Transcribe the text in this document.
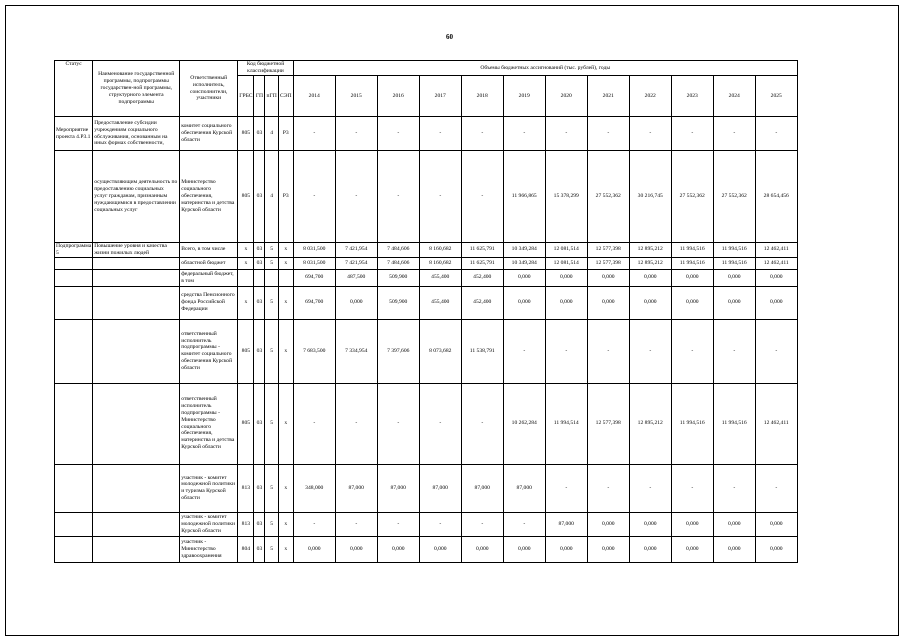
60
Статус	Наименование государственной программы, подпрограммы государствен-ной программы, структурного элемента подпрограммы	Ответственный исполнитель, соисполнители, участники	Код бюджетной классификации				Объемы бюджетных ассигнований (тыс. рублей), годы											
			ГРБС	ГП	пГП	СЭП	2014	2015	2016	2017	2018	2019	2020	2021	2022	2023	2024	2025
Мероприятие проекта 4.Р3.1	Предоставление субсидии учреждениям социального обслуживания, основанным на иных формах собственности,	комитет социального обеспечения Курской области	805	03	4	Р3	-	-	-	-	-	-	-	-	-	-	-	-
	осуществляющим деятельность по предоставлению социальных услуг гражданам, признанным нуждающимися в предоставлении социальных услуг	Министерство социального обеспечения, материнства и детства Курской области	805	03	4	Р3	-	-	-	-	-	11 966,865	15 378,299	27 552,362	30 216,745	27 552,362	27 552,362	28 654,456
Подпрограмма 5	Повышение уровня и качества жизни пожилых людей	Всего, в том числе	х	03	5	х	8 031,500	7 421,954	7 484,606	8 160,682	11 625,791	10 349,284	12 081,514	12 577,398	12 895,212	11 994,516	11 994,516	12 462,411
		областной бюджет	х	03	5	х	8 031,500	7 421,954	7 484,606	8 160,682	11 625,791	10 349,284	12 081,514	12 577,398	12 895,212	11 994,516	11 994,516	12 462,411
		федеральный бюджет, в том					694,700	487,500	509,900	455,400	452,400	0,000	0,000	0,000	0,000	0,000	0,000	0,000
		средства Пенсионного фонда Российской Федерации	х	03	5	х	694,700	0,000	509,900	455,400	452,400	0,000	0,000	0,000	0,000	0,000	0,000	0,000
		ответственный исполнитель подпрограммы - комитет социального обеспечения Курской области	805	03	5	х	7 683,500	7 334,954	7 397,606	8 073,682	11 538,791	-	-	-	-	-	-	-
		ответственный исполнитель подпрограммы - Министерство социального обеспечения, материнства и детства Курской области	805	03	5	х	-	-	-	-	-	10 262,284	11 994,514	12 577,398	12 895,212	11 994,516	11 994,516	12 462,411
		участник - комитет молодежной политики и туризма Курской области	813	03	5	х	348,000	87,000	87,000	87,000	87,000	87,000	-	-	-	-	-	-
		участник - комитет молодежной политики Курской области	813	03	5	х	-	-	-	-	-	-	87,000	0,000	0,000	0,000	0,000	0,000
		участник - Министерство здравоохранения	804	03	5	х	0,000	0,000	0,000	0,000	0,000	0,000	0,000	0,000	0,000	0,000	0,000	0,000
